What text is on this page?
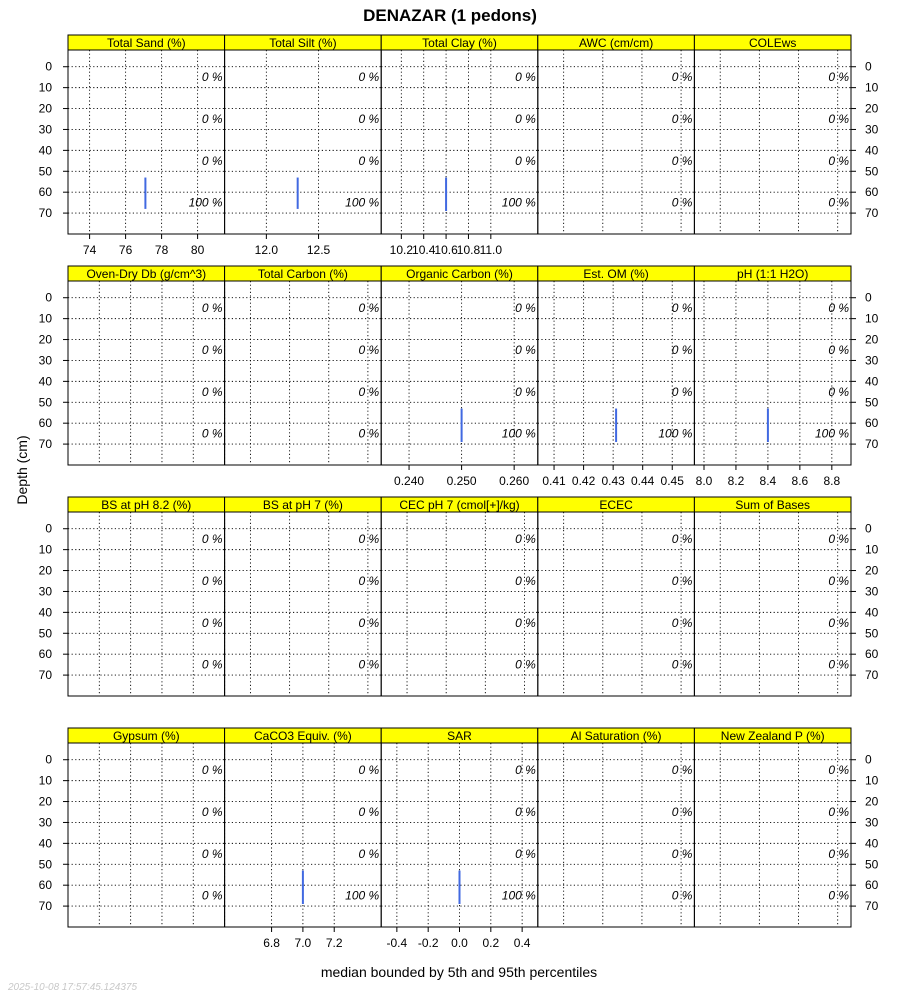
DENAZAR (1 pedons)
Total Sand (%)
0 %
0 %
0 %
100 %
74 76 78 80
0
10
20
30
40
50
60
70
Total Silt (%)
0 %
0 %
0 %
100 %
12.0 12.5
Total Clay (%)
0 %
0 %
0 %
100 %
10.2 10.4 10.6 10.8 11.0
AWC (cm/cm)
0 %
0 %
0 %
0 %
COLEws
0 %
0 %
0 %
0 %
0
10
20
30
40
50
60
70
Oven-Dry Db (g/cm^3)
0 %
0 %
0 %
0 %
0
10
20
30
40
50
60
70
Total Carbon (%)
0 %
0 %
0 %
0 %
Organic Carbon (%)
0 %
0 %
0 %
100 %
0.240 0.250 0.260
Est. OM (%)
0 %
0 %
0 %
100 %
0.41 0.42 0.43 0.44 0.45
pH (1:1 H2O)
0 %
0 %
0 %
100 %
8.0 8.2 8.4 8.6 8.8
0
10
20
30
40
50
60
70
BS at pH 8.2 (%)
0 %
0 %
0 %
0 %
0
10
20
30
40
50
60
70
BS at pH 7 (%)
0 %
0 %
0 %
0 %
CEC pH 7 (cmol[+]/kg)
0 %
0 %
0 %
0 %
ECEC
0 %
0 %
0 %
0 %
Sum of Bases
0 %
0 %
0 %
0 %
0
10
20
30
40
50
60
70
Gypsum (%)
0 %
0 %
0 %
0 %
0
10
20
30
40
50
60
70
CaCO3 Equiv. (%)
0 %
0 %
0 %
100 %
6.8 7.0 7.2
SAR
0 %
0 %
0 %
100 %
-0.4 -0.2 0.0 0.2 0.4
Al Saturation (%)
0 %
0 %
0 %
0 %
New Zealand P (%)
0 %
0 %
0 %
0 %
0
10
20
30
40
50
60
70
Depth (cm)
median bounded by 5th and 95th percentiles
2025-10-08 17:57:45.124375
